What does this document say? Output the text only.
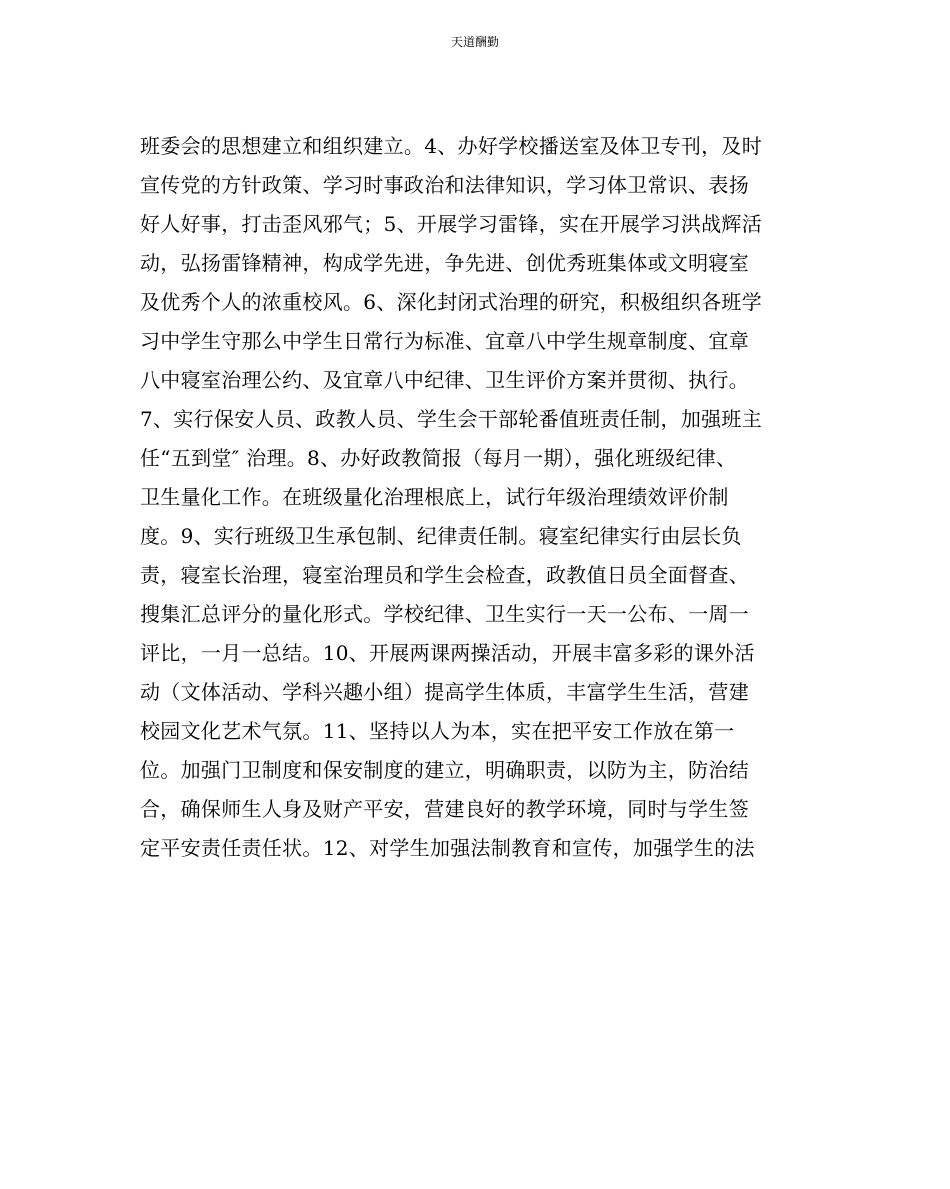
天道酬勤
班委会的思想建立和组织建立。4、办好学校播送室及体卫专刊，及时
宣传党的方针政策、学习时事政治和法律知识，学习体卫常识、表扬
好人好事，打击歪风邪气；5、开展学习雷锋，实在开展学习洪战辉活
动，弘扬雷锋精神，构成学先进，争先进、创优秀班集体或文明寝室
及优秀个人的浓重校风。6、深化封闭式治理的研究，积极组织各班学
习中学生守那么中学生日常行为标准、宜章八中学生规章制度、宜章
八中寝室治理公约、及宜章八中纪律、卫生评价方案并贯彻、执行。
7、实行保安人员、政教人员、学生会干部轮番值班责任制，加强班主
任“五到堂″ 治理。8、办好政教简报（每月一期），强化班级纪律、
卫生量化工作。在班级量化治理根底上，试行年级治理绩效评价制
度。9、实行班级卫生承包制、纪律责任制。寝室纪律实行由层长负
责，寝室长治理，寝室治理员和学生会检查，政教值日员全面督查、
搜集汇总评分的量化形式。学校纪律、卫生实行一天一公布、一周一
评比，一月一总结。10、开展两课两操活动，开展丰富多彩的课外活
动（文体活动、学科兴趣小组）提高学生体质，丰富学生生活，营建
校园文化艺术气氛。11、坚持以人为本，实在把平安工作放在第一
位。加强门卫制度和保安制度的建立，明确职责，以防为主，防治结
合，确保师生人身及财产平安，营建良好的教学环境，同时与学生签
定平安责任责任状。12、对学生加强法制教育和宣传，加强学生的法
